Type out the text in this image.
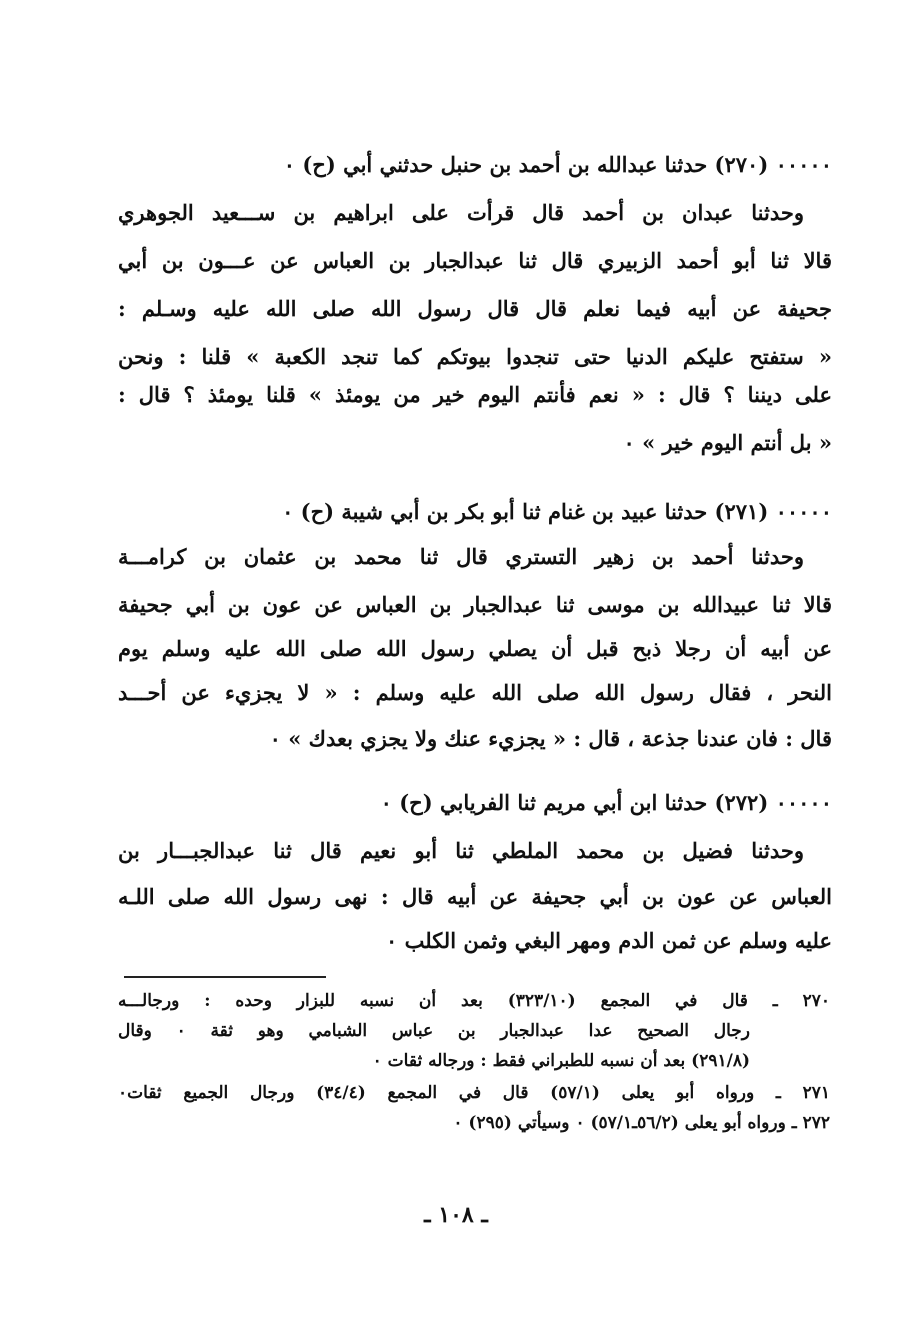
٠٠٠٠٠ (٢٧٠) حدثنا عبدالله بن أحمد بن حنبل حدثني أبي (ح) ٠
وحدثنا عبدان بن أحمد قال قرأت على ابراهيم بن ســـعيد الجوهري
قالا ثنا أبو أحمد الزبيري قال ثنا عبدالجبار بن العباس عن عـــون بن أبي
جحيفة عن أبيه فيما نعلم قال قال رسول الله صلى الله عليه وسـلم :
« ستفتح عليكم الدنيا حتى تنجدوا بيوتكم كما تنجد الكعبة » قلنا : ونحن
على ديننا ؟ قال : « نعم فأنتم اليوم خير من يومئذ » قلنا يومئذ ؟ قال :
« بل أنتم اليوم خير » ٠
٠٠٠٠٠ (٢٧١) حدثنا عبيد بن غنام ثنا أبو بكر بن أبي شيبة (ح) ٠
وحدثنا أحمد بن زهير التستري قال ثنا محمد بن عثمان بن كرامـــة
قالا ثنا عبيدالله بن موسى ثنا عبدالجبار بن العباس عن عون بن أبي جحيفة
عن أبيه أن رجلا ذبح قبل أن يصلي رسول الله صلى الله عليه وسلم يوم
النحر ، فقال رسول الله صلى الله عليه وسلم : « لا يجزيء عن أحـــد
قال : فان عندنا جذعة ، قال : « يجزيء عنك ولا يجزي بعدك » ٠
٠٠٠٠٠ (٢٧٢) حدثنا ابن أبي مريم ثنا الفريابي (ح) ٠
وحدثنا فضيل بن محمد الملطي ثنا أبو نعيم قال ثنا عبدالجبـــار بن
العباس عن عون بن أبي جحيفة عن أبيه قال : نهى رسول الله صلى اللـه
عليه وسلم عن ثمن الدم ومهر البغي وثمن الكلب ٠
٢٧٠ ـ قال في المجمع (٣٢٣/١٠) بعد أن نسبه للبزار وحده : ورجالـــه
رجال الصحيح عدا عبدالجبار بن عباس الشبامي وهو ثقة ٠ وقال
(٢٩١/٨) بعد أن نسبه للطبراني فقط : ورجاله ثقات ٠
٢٧١ ـ ورواه أبو يعلى (٥٧/١) قال في المجمع (٣٤/٤) ورجال الجميع ثقات٠
٢٧٢ ـ ورواه أبو يعلى (٥٦/٢ـ٥٧/١) ٠ وسيأتي (٢٩٥) ٠
ـ ١٠٨ ـ
